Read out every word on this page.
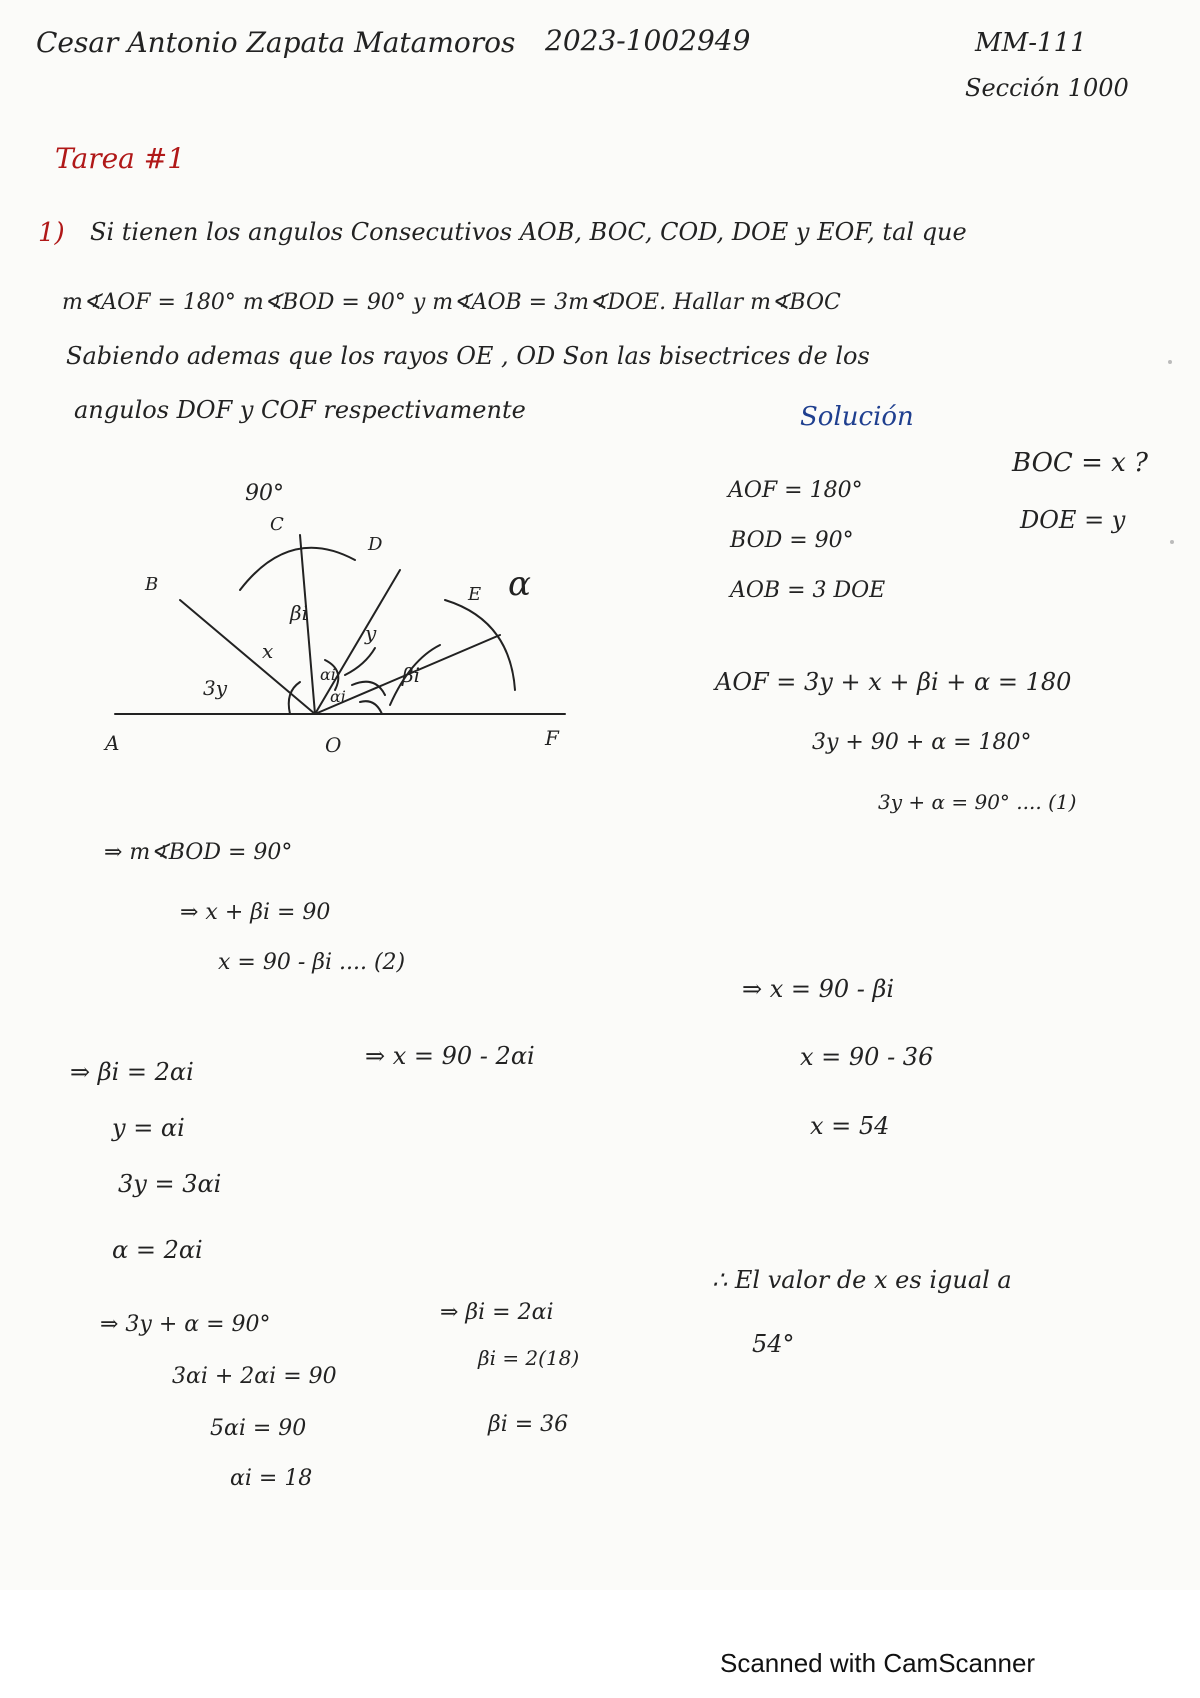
Cesar Antonio Zapata Matamoros 2023-1002949	MM-111
Sección 1000
Tarea #1
1) Si tienen los angulos Consecutivos AOB, BOC, COD, DOE y EOF, tal que
m∢AOF = 180° m∢BOD = 90° y m∢AOB = 3m∢DOE. Hallar m∢BOC
Sabiendo ademas que los rayos OE , OD Son las bisectrices de los
angulos DOF y COF respectivamente	Solución
A	O	F
B
C
D
E
90°
βi
x
3y
y
αi
αi
βi
α
AOF = 180°
BOD = 90°
AOB = 3 DOE
BOC = x ?
DOE = y
AOF = 3y + x + βi + α = 180
3y + 90 + α = 180°
3y + α = 90° .... (1)
⇒ m∢BOD = 90°
⇒ x + βi = 90
x = 90 - βi .... (2)
⇒ x = 90 - βi
x = 90 - 36
x = 54
⇒ βi = 2αi
y = αi
3y = 3αi
α = 2αi
⇒ x = 90 - 2αi
⇒ 3y + α = 90°
3αi + 2αi = 90
5αi = 90
αi = 18
⇒ βi = 2αi
βi = 2(18)
βi = 36
∴ El valor de x es igual a
54°
Scanned with CamScanner
